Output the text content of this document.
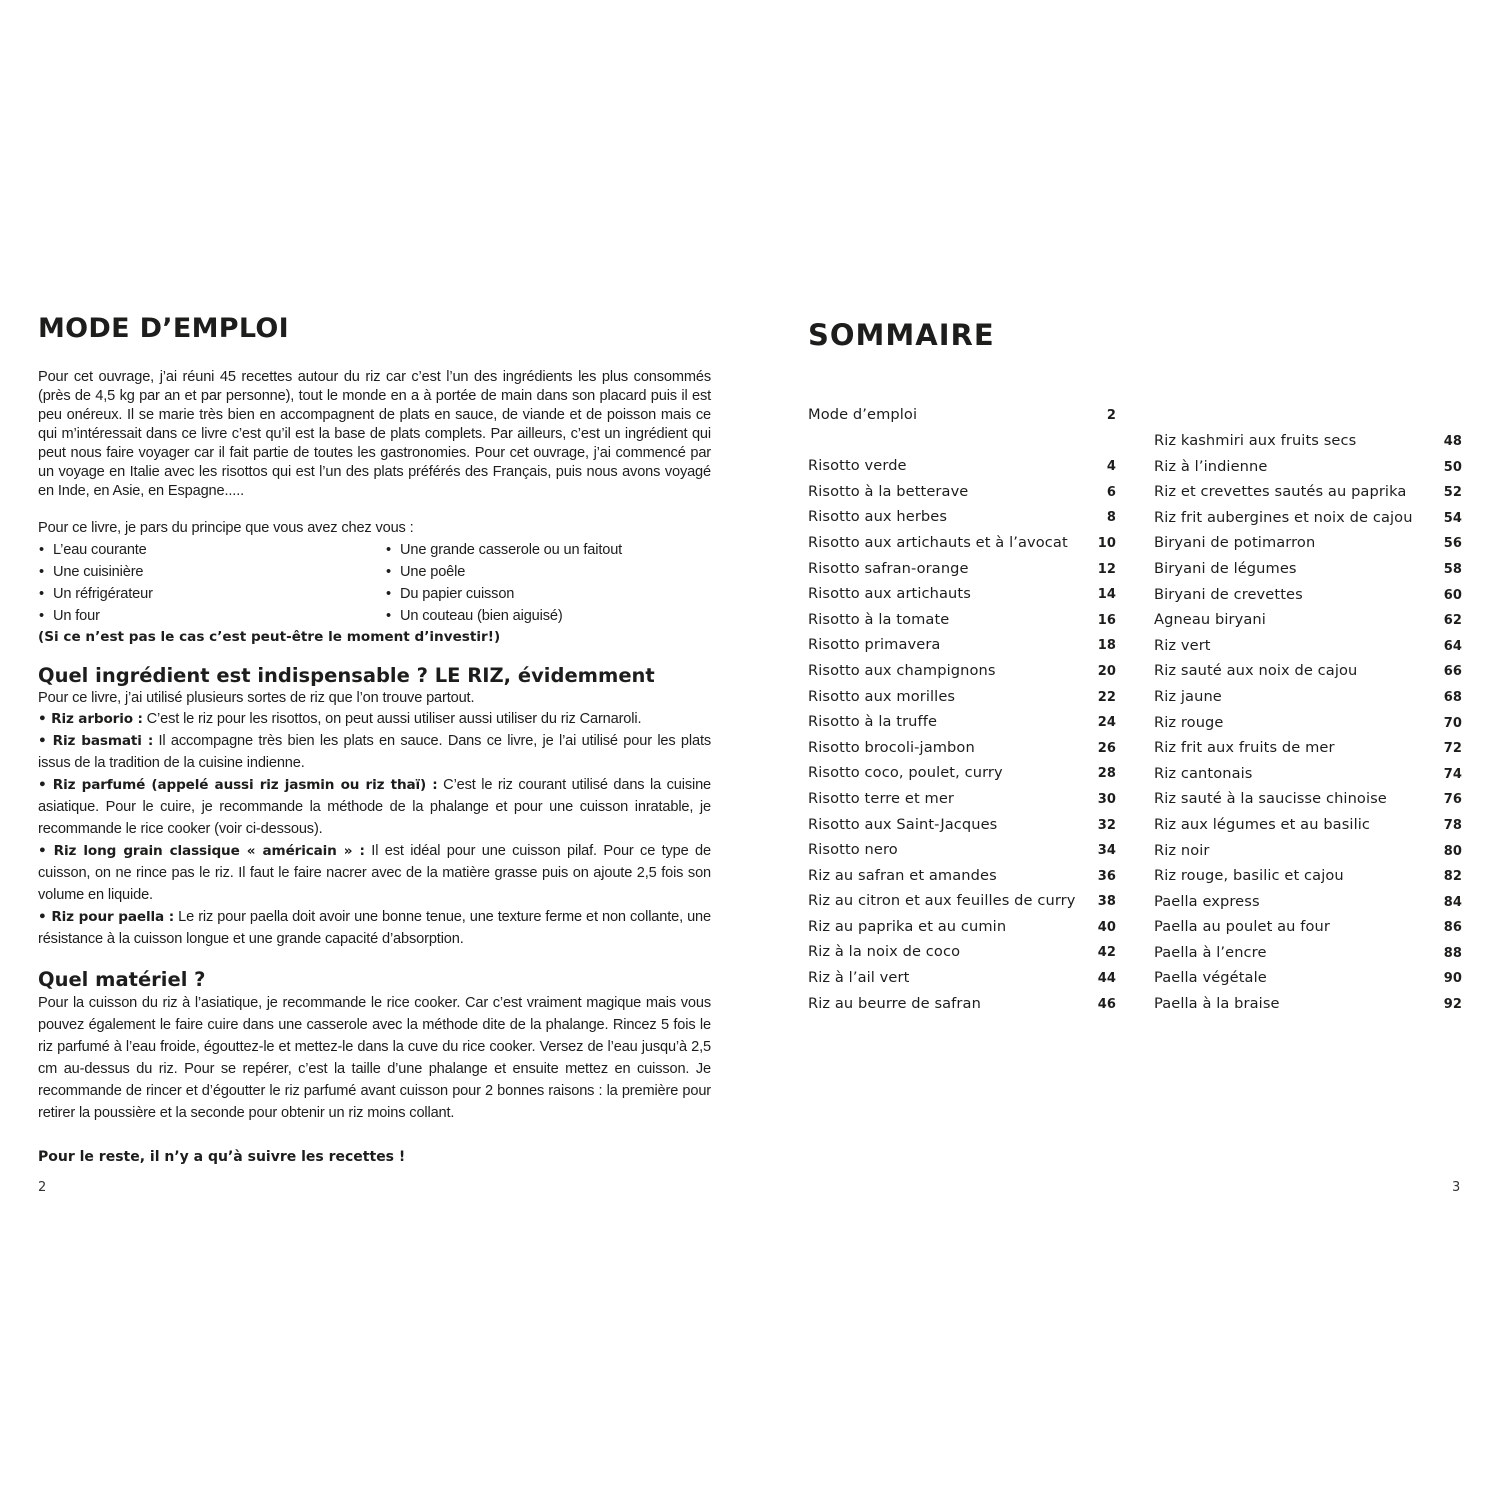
MODE D’EMPLOI

Pour cet ouvrage, j’ai réuni 45 recettes autour du riz car c’est l’un des ingrédients les plus consommés (près de 4,5 kg par an et par personne), tout le monde en a à portée de main dans son placard puis il est peu onéreux. Il se marie très bien en accompagnent de plats en sauce, de viande et de poisson mais ce qui m’intéressait dans ce livre c’est qu’il est la base de plats complets. Par ailleurs, c’est un ingrédient qui peut nous faire voyager car il fait partie de toutes les gastronomies. Pour cet ouvrage, j’ai commencé par un voyage en Italie avec les risottos qui est l’un des plats préférés des Français, puis nous avons voyagé en Inde, en Asie, en Espagne.....

Pour ce livre, je pars du principe que vous avez chez vous :

• L’eau courante	• Une grande casserole ou un faitout
• Une cuisinière	• Une poêle
• Un réfrigérateur	• Du papier cuisson
• Un four	• Un couteau (bien aiguisé)
(Si ce n’est pas le cas c’est peut-être le moment d’investir!)
Quel ingrédient est indispensable ? LE RIZ, évidemment
Pour ce livre, j’ai utilisé plusieurs sortes de riz que l’on trouve partout.
• Riz arborio : C’est le riz pour les risottos, on peut aussi utiliser aussi utiliser du riz Carnaroli.
• Riz basmati : Il accompagne très bien les plats en sauce. Dans ce livre, je l’ai utilisé pour les plats issus de la tradition de la cuisine indienne.
• Riz parfumé (appelé aussi riz jasmin ou riz thaï) : C’est le riz courant utilisé dans la cuisine asiatique. Pour le cuire, je recommande la méthode de la phalange et pour une cuisson inratable, je recommande le rice cooker (voir ci-dessous).
• Riz long grain classique « américain » : Il est idéal pour une cuisson pilaf. Pour ce type de cuisson, on ne rince pas le riz. Il faut le faire nacrer avec de la matière grasse puis on ajoute 2,5 fois son volume en liquide.
• Riz pour paella : Le riz pour paella doit avoir une bonne tenue, une texture ferme et non collante, une résistance à la cuisson longue et une grande capacité d’absorption.
Quel matériel ?

Pour la cuisson du riz à l’asiatique, je recommande le rice cooker. Car c’est vraiment magique mais vous pouvez également le faire cuire dans une casserole avec la méthode dite de la phalange. Rincez 5 fois le riz parfumé à l’eau froide, égouttez-le et mettez-le dans la cuve du rice cooker. Versez de l’eau jusqu’à 2,5 cm au-dessus du riz. Pour se repérer, c’est la taille d’une phalange et ensuite mettez en cuisson. Je recommande de rincer et d’égoutter le riz parfumé avant cuisson pour 2 bonnes raisons : la première pour retirer la poussière et la seconde pour obtenir un riz moins collant.

Pour le reste, il n’y a qu’à suivre les recettes !
2
SOMMAIRE
Mode d’emploi	2
Risotto verde	4
Risotto à la betterave	6
Risotto aux herbes	8
Risotto aux artichauts et à l’avocat 10
Risotto safran-orange	12
Risotto aux artichauts	14
Risotto à la tomate	16
Risotto primavera	18
Risotto aux champignons	20
Risotto aux morilles	22
Risotto à la truffe	24
Risotto brocoli-jambon	26
Risotto coco, poulet, curry	28
Risotto terre et mer	30
Risotto aux Saint-Jacques	32
Risotto nero	34
Riz au safran et amandes	36
Riz au citron et aux feuilles de curry 38
Riz au paprika et au cumin	40
Riz à la noix de coco	42
Riz à l’ail vert	44
Riz au beurre de safran	46
Riz kashmiri aux fruits secs	48
Riz à l’indienne	50
Riz et crevettes sautés au paprika	52
Riz frit aubergines et noix de cajou 54
Biryani de potimarron	56
Biryani de légumes	58
Biryani de crevettes	60
Agneau biryani	62
Riz vert	64
Riz sauté aux noix de cajou	66
Riz jaune	68
Riz rouge	70
Riz frit aux fruits de mer	72
Riz cantonais	74
Riz sauté à la saucisse chinoise	76
Riz aux légumes et au basilic	78
Riz noir	80
Riz rouge, basilic et cajou	82
Paella express	84
Paella au poulet au four	86
Paella à l’encre	88
Paella végétale	90
Paella à la braise	92
3
